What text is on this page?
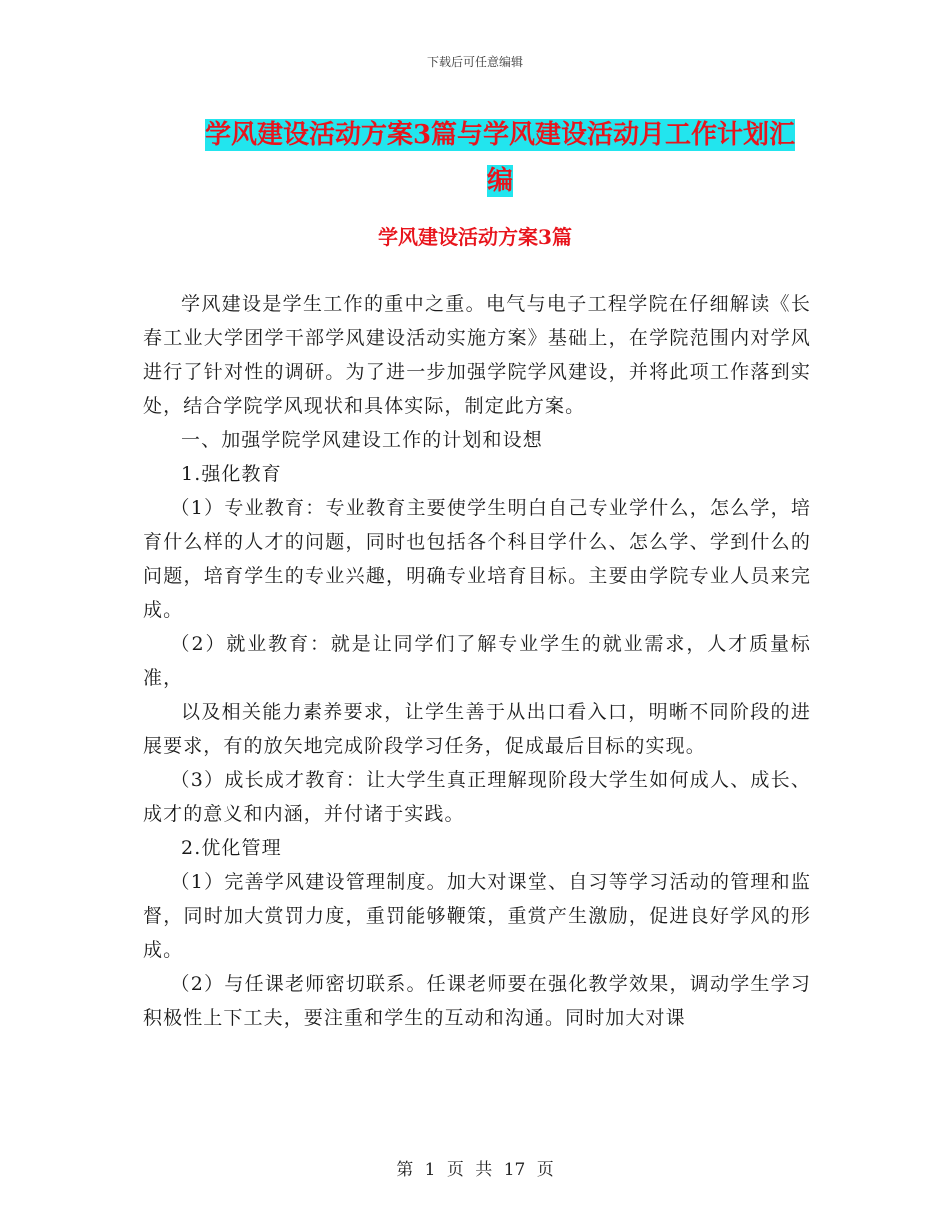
下载后可任意编辑
学风建设活动方案3篇与学风建设活动月工作计划汇编
学风建设活动方案3篇

学风建设是学生工作的重中之重。电气与电子工程学院在仔细解读《长春工业大学团学干部学风建设活动实施方案》基础上，在学院范围内对学风进行了针对性的调研。为了进一步加强学院学风建设，并将此项工作落到实处，结合学院学风现状和具体实际，制定此方案。

一、加强学院学风建设工作的计划和设想

1.强化教育

（1）专业教育：专业教育主要使学生明白自己专业学什么，怎么学，培育什么样的人才的问题，同时也包括各个科目学什么、怎么学、学到什么的问题，培育学生的专业兴趣，明确专业培育目标。主要由学院专业人员来完成。

（2）就业教育：就是让同学们了解专业学生的就业需求，人才质量标准，

以及相关能力素养要求，让学生善于从出口看入口，明晰不同阶段的进展要求，有的放矢地完成阶段学习任务，促成最后目标的实现。

（3）成长成才教育：让大学生真正理解现阶段大学生如何成人、成长、成才的意义和内涵，并付诸于实践。

2.优化管理

（1）完善学风建设管理制度。加大对课堂、自习等学习活动的管理和监督，同时加大赏罚力度，重罚能够鞭策，重赏产生激励，促进良好学风的形成。

（2）与任课老师密切联系。任课老师要在强化教学效果，调动学生学习积极性上下工夫，要注重和学生的互动和沟通。同时加大对课

第 1 页 共 17 页
